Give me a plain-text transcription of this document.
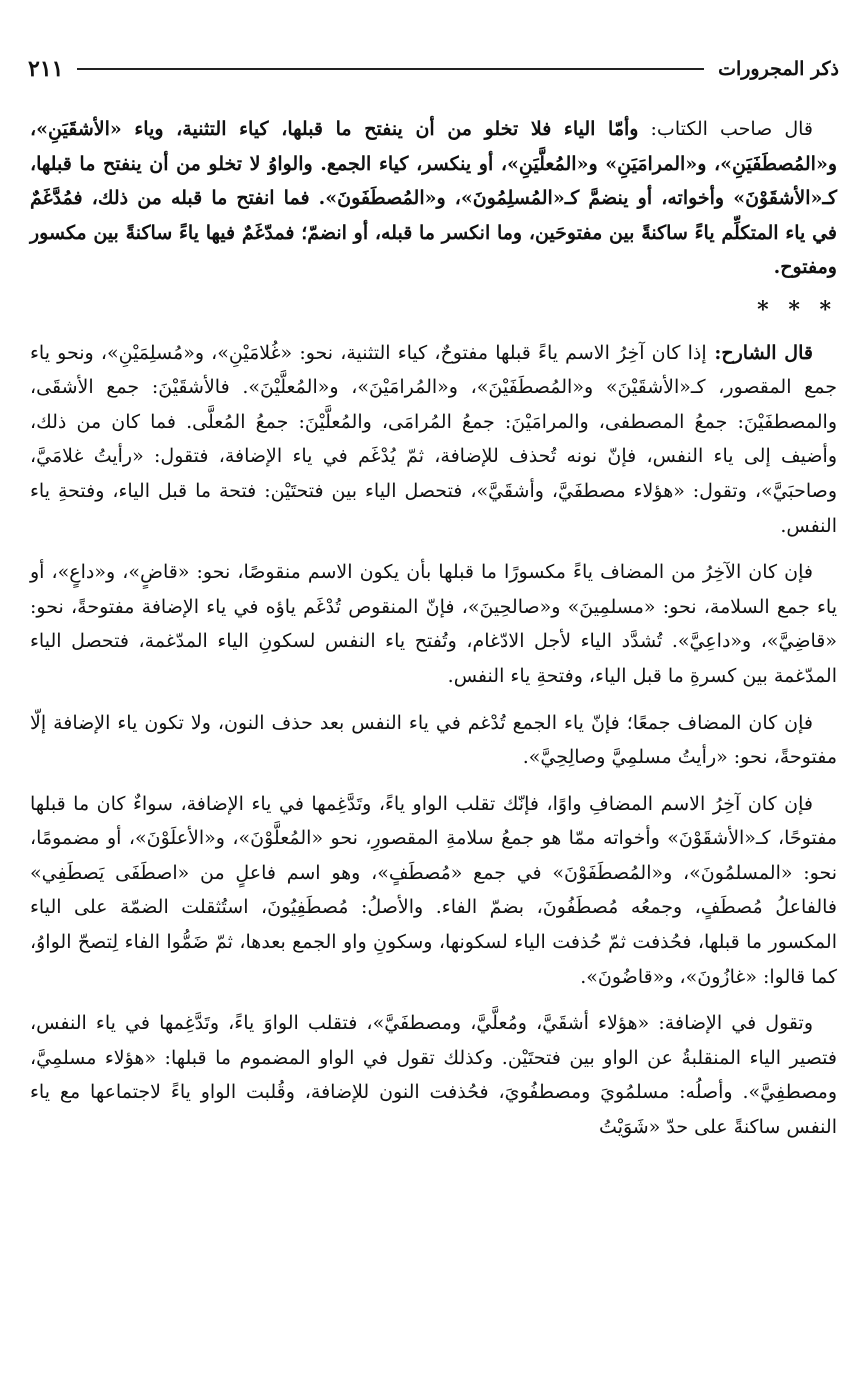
ذكر المجرورات
٢١١

قال صاحب الكتاب: وأمّا الياء فلا تخلو من أن ينفتح ما قبلها، كياء التثنية، وياء «الأشقَيَنِ»، و«المُصطَفَيَنِ»، و«المرامَيَنِ» و«المُعلَّيَنِ»، أو ينكسر، كياء الجمع. والواوُ لا تخلو من أن ينفتح ما قبلها، كـ«الأشقَوْنَ» وأخواته، أو ينضمَّ كـ«المُسلِمُونَ»، و«المُصطَفَونَ». فما انفتح ما قبله من ذلك، فمُدَّغَمٌ في ياء المتكلِّم ياءً ساكنةً بين مفتوحَين، وما انكسر ما قبله، أو انضمّ؛ فمدّغَمٌ فيها ياءً ساكنةً بين مكسور ومفتوح.

* * *

قال الشارح: إذا كان آخِرُ الاسم ياءً قبلها مفتوحٌ، كياء التثنية، نحو: «غُلامَيْنِ»، و«مُسلِمَيْنِ»، ونحو ياء جمع المقصور، كـ«الأشقَيْنَ» و«المُصطَفَيْنَ»، و«المُرامَيْنَ»، و«المُعلَّيْنَ». فالأشقَيْنَ: جمع الأشقَى، والمصطفَيْنَ: جمعُ المصطفى، والمرامَيْنَ: جمعُ المُرامَى، والمُعلَّيْنَ: جمعُ المُعلَّى. فما كان من ذلك، وأضيف إلى ياء النفس، فإنّ نونه تُحذف للإضافة، ثمّ يُدْغَم في ياء الإضافة، فتقول: «رأيتُ غلامَيَّ، وصاحبَيَّ»، وتقول: «هؤلاء مصطفَيَّ، وأشقَيَّ»، فتحصل الياء بين فتحتَيْن: فتحة ما قبل الياء، وفتحةِ ياء النفس.

فإن كان الآخِرُ من المضاف ياءً مكسورًا ما قبلها بأن يكون الاسم منقوصًا، نحو: «قاضٍ»، و«داعٍ»، أو ياء جمع السلامة، نحو: «مسلمِينَ» و«صالحِينَ»، فإنّ المنقوص تُدْغَم ياؤه في ياء الإضافة مفتوحةً، نحو: «قاضِيَّ»، و«داعِيَّ». تُشدَّد الياء لأجل الادّغام، وتُفتح ياء النفس لسكونِ الياء المدّغمة، فتحصل الياء المدّغمة بين كسرةِ ما قبل الياء، وفتحةِ ياء النفس.

فإن كان المضاف جمعًا؛ فإنّ ياء الجمع تُدْغم في ياء النفس بعد حذف النون، ولا تكون ياء الإضافة إلّا مفتوحةً، نحو: «رأيتُ مسلمِيَّ وصالِحِيَّ».

فإن كان آخِرُ الاسم المضافِ واوًا، فإنّك تقلب الواو ياءً، وتَدَّغِمها في ياء الإضافة، سواءٌ كان ما قبلها مفتوحًا، كـ«الأشقَوْنَ» وأخواته ممّا هو جمعُ سلامةِ المقصورِ، نحو «المُعلَّوْنَ»، و«الأعلَوْنَ»، أو مضمومًا، نحو: «المسلمُونَ»، و«المُصطَفَوْنَ» في جمع «مُصطَفٍ»، وهو اسم فاعلٍ من «اصطَفَى يَصطَفِي» فالفاعلُ مُصطَفٍ، وجمعُه مُصطَفُونَ، بضمّ الفاء. والأصلُ: مُصطَفِيُونَ، استُثقلت الضمّة على الياء المكسور ما قبلها، فحُذفت ثمّ حُذفت الياء لسكونها، وسكونِ واو الجمع بعدها، ثمّ ضَمُّوا الفاء لِتصحّ الواوُ، كما قالوا: «غازُونَ»، و«قاضُونَ».

وتقول في الإضافة: «هؤلاء أشقَيَّ، ومُعلَّيَّ، ومصطفَيَّ»، فتقلب الواوَ ياءً، وتَدَّغِمها في ياء النفس، فتصير الياء المنقلبةُ عن الواو بين فتحتَيْن. وكذلك تقول في الواو المضموم ما قبلها: «هؤلاء مسلمِيَّ، ومصطفِيَّ». وأصلُه: مسلمُويَ ومصطفُويَ، فحُذفت النون للإضافة، وقُلبت الواو ياءً لاجتماعها مع ياء النفس ساكنةً على حدّ «شَوَيْتُ
